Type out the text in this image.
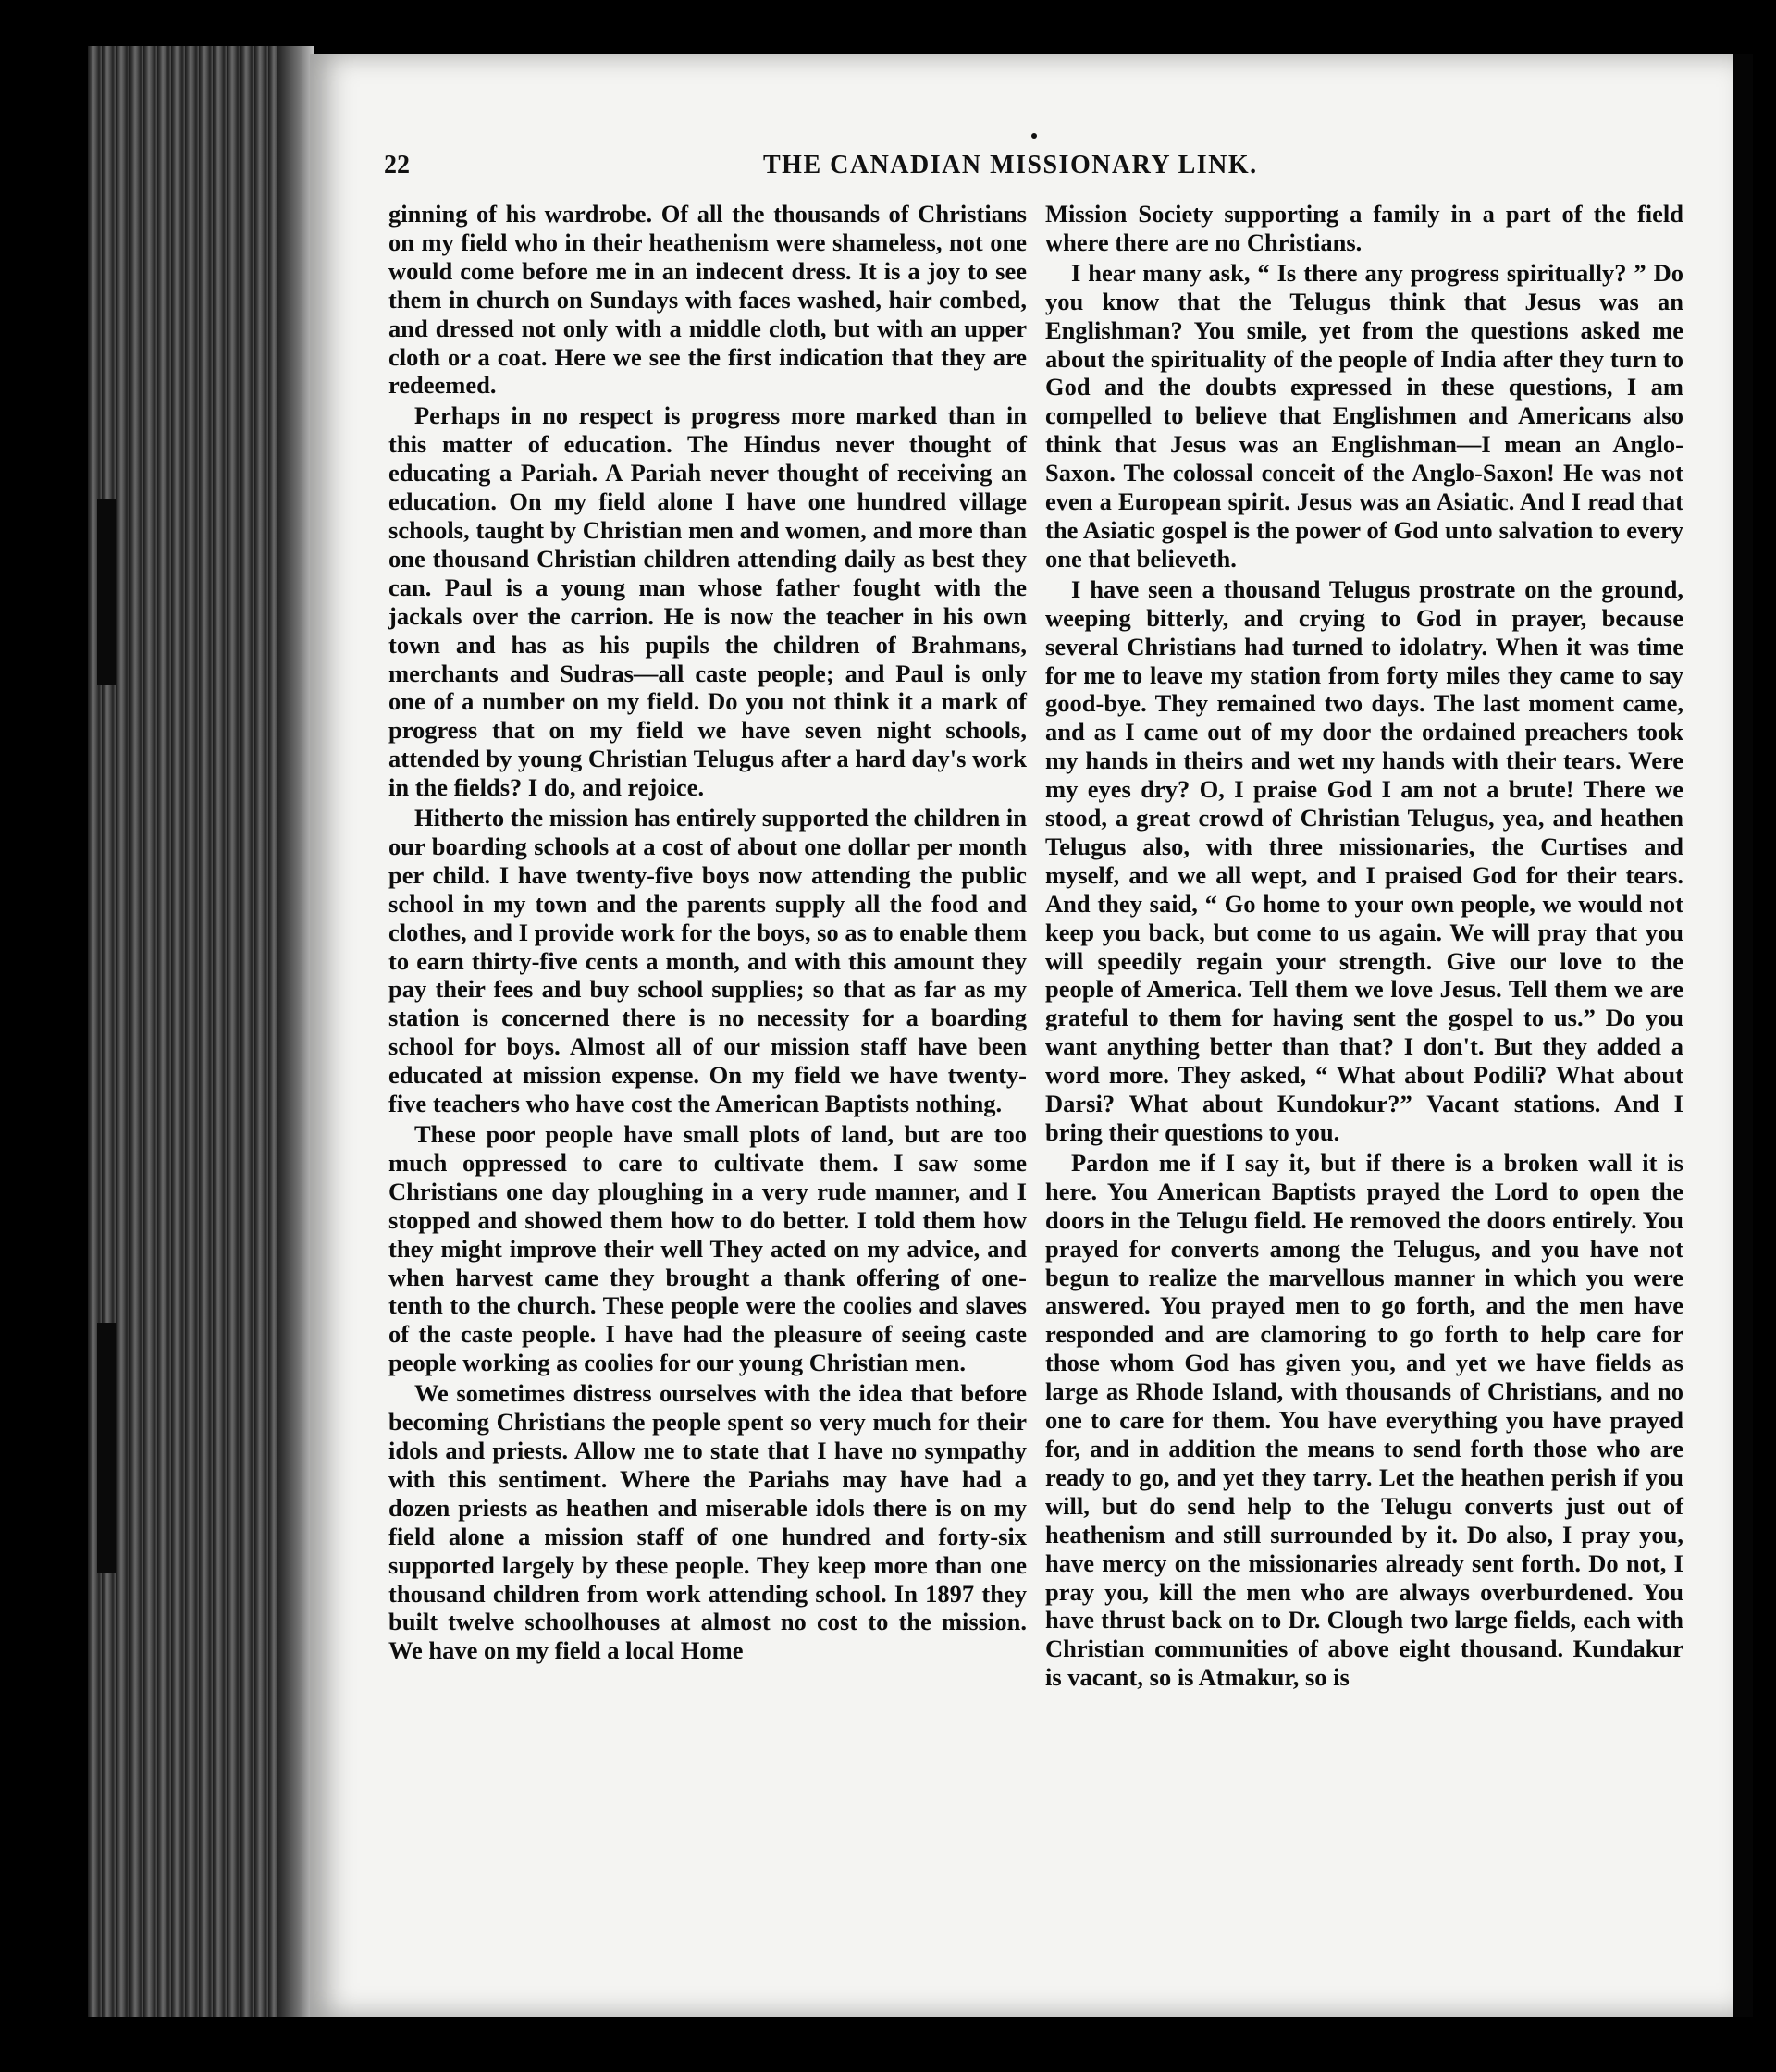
22	THE CANADIAN MISSIONARY LINK.

ginning of his wardrobe. Of all the thousands of Christians on my field who in their heathenism were shameless, not one would come before me in an indecent dress. It is a joy to see them in church on Sundays with faces washed, hair combed, and dressed not only with a middle cloth, but with an upper cloth or a coat. Here we see the first indication that they are redeemed.

Perhaps in no respect is progress more marked than in this matter of education. The Hindus never thought of educating a Pariah. A Pariah never thought of receiving an education. On my field alone I have one hundred village schools, taught by Christian men and women, and more than one thousand Christian children attending daily as best they can. Paul is a young man whose father fought with the jackals over the carrion. He is now the teacher in his own town and has as his pupils the children of Brahmans, merchants and Sudras—all caste people; and Paul is only one of a number on my field. Do you not think it a mark of progress that on my field we have seven night schools, attended by young Christian Telugus after a hard day's work in the fields? I do, and rejoice.

Hitherto the mission has entirely supported the children in our boarding schools at a cost of about one dollar per month per child. I have twenty-five boys now attending the public school in my town and the parents supply all the food and clothes, and I provide work for the boys, so as to enable them to earn thirty-five cents a month, and with this amount they pay their fees and buy school supplies; so that as far as my station is concerned there is no necessity for a boarding school for boys. Almost all of our mission staff have been educated at mission expense. On my field we have twenty-five teachers who have cost the American Baptists nothing.

These poor people have small plots of land, but are too much oppressed to care to cultivate them. I saw some Christians one day ploughing in a very rude manner, and I stopped and showed them how to do better. I told them how they might improve their well They acted on my advice, and when harvest came they brought a thank offering of one-tenth to the church. These people were the coolies and slaves of the caste people. I have had the pleasure of seeing caste people working as coolies for our young Christian men.

We sometimes distress ourselves with the idea that before becoming Christians the people spent so very much for their idols and priests. Allow me to state that I have no sympathy with this sentiment. Where the Pariahs may have had a dozen priests as heathen and miserable idols there is on my field alone a mission staff of one hundred and forty-six supported largely by these people. They keep more than one thousand children from work attending school. In 1897 they built twelve schoolhouses at almost no cost to the mission. We have on my field a local Home

Mission Society supporting a family in a part of the field where there are no Christians.

I hear many ask, “ Is there any progress spiritually? ” Do you know that the Telugus think that Jesus was an Englishman? You smile, yet from the questions asked me about the spirituality of the people of India after they turn to God and the doubts expressed in these questions, I am compelled to believe that Englishmen and Americans also think that Jesus was an Englishman—I mean an Anglo-Saxon. The colossal conceit of the Anglo-Saxon! He was not even a European spirit. Jesus was an Asiatic. And I read that the Asiatic gospel is the power of God unto salvation to every one that believeth.

I have seen a thousand Telugus prostrate on the ground, weeping bitterly, and crying to God in prayer, because several Christians had turned to idolatry. When it was time for me to leave my station from forty miles they came to say good-bye. They remained two days. The last moment came, and as I came out of my door the ordained preachers took my hands in theirs and wet my hands with their tears. Were my eyes dry? O, I praise God I am not a brute! There we stood, a great crowd of Christian Telugus, yea, and heathen Telugus also, with three missionaries, the Curtises and myself, and we all wept, and I praised God for their tears. And they said, “ Go home to your own people, we would not keep you back, but come to us again. We will pray that you will speedily regain your strength. Give our love to the people of America. Tell them we love Jesus. Tell them we are grateful to them for having sent the gospel to us.” Do you want anything better than that? I don't. But they added a word more. They asked, “ What about Podili? What about Darsi? What about Kundokur?” Vacant stations. And I bring their questions to you.

Pardon me if I say it, but if there is a broken wall it is here. You American Baptists prayed the Lord to open the doors in the Telugu field. He removed the doors entirely. You prayed for converts among the Telugus, and you have not begun to realize the marvellous manner in which you were answered. You prayed men to go forth, and the men have responded and are clamoring to go forth to help care for those whom God has given you, and yet we have fields as large as Rhode Island, with thousands of Christians, and no one to care for them. You have everything you have prayed for, and in addition the means to send forth those who are ready to go, and yet they tarry. Let the heathen perish if you will, but do send help to the Telugu converts just out of heathenism and still surrounded by it. Do also, I pray you, have mercy on the missionaries already sent forth. Do not, I pray you, kill the men who are always overburdened. You have thrust back on to Dr. Clough two large fields, each with Christian communities of above eight thousand. Kundakur is vacant, so is Atmakur, so is
